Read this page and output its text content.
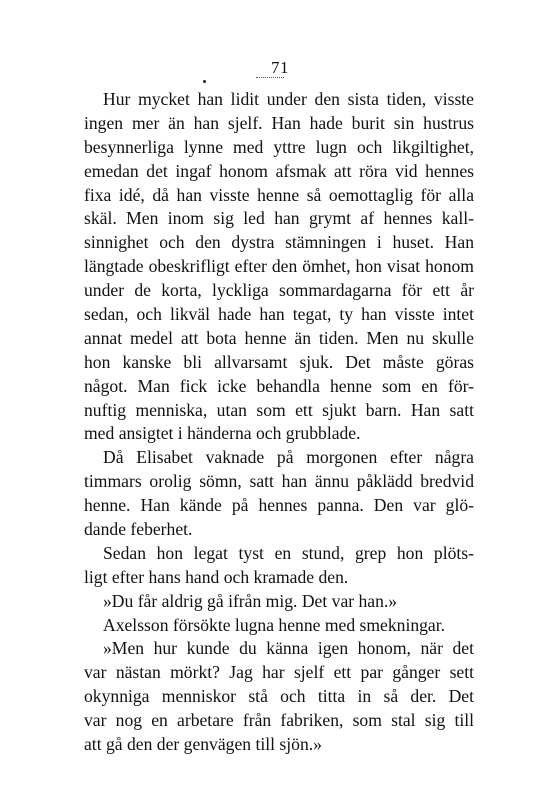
71
Hur mycket han lidit under den sista tiden, visste
ingen mer än han sjelf. Han hade burit sin hustrus
besynnerliga lynne med yttre lugn och likgiltighet,
emedan det ingaf honom afsmak att röra vid hennes
fixa idé, då han visste henne så oemottaglig för alla
skäl. Men inom sig led han grymt af hennes kall-
sinnighet och den dystra stämningen i huset. Han
längtade obeskrifligt efter den ömhet, hon visat honom
under de korta, lyckliga sommardagarna för ett år
sedan, och likväl hade han tegat, ty han visste intet
annat medel att bota henne än tiden. Men nu skulle
hon kanske bli allvarsamt sjuk. Det måste göras
något. Man fick icke behandla henne som en för-
nuftig menniska, utan som ett sjukt barn. Han satt
med ansigtet i händerna och grubblade.
Då Elisabet vaknade på morgonen efter några
timmars orolig sömn, satt han ännu påklädd bredvid
henne. Han kände på hennes panna. Den var glö-
dande feberhet.
Sedan hon legat tyst en stund, grep hon plöts-
ligt efter hans hand och kramade den.
»Du får aldrig gå ifrån mig. Det var han.»
Axelsson försökte lugna henne med smekningar.
»Men hur kunde du känna igen honom, när det
var nästan mörkt? Jag har sjelf ett par gånger sett
okynniga menniskor stå och titta in så der. Det
var nog en arbetare från fabriken, som stal sig till
att gå den der genvägen till sjön.»
